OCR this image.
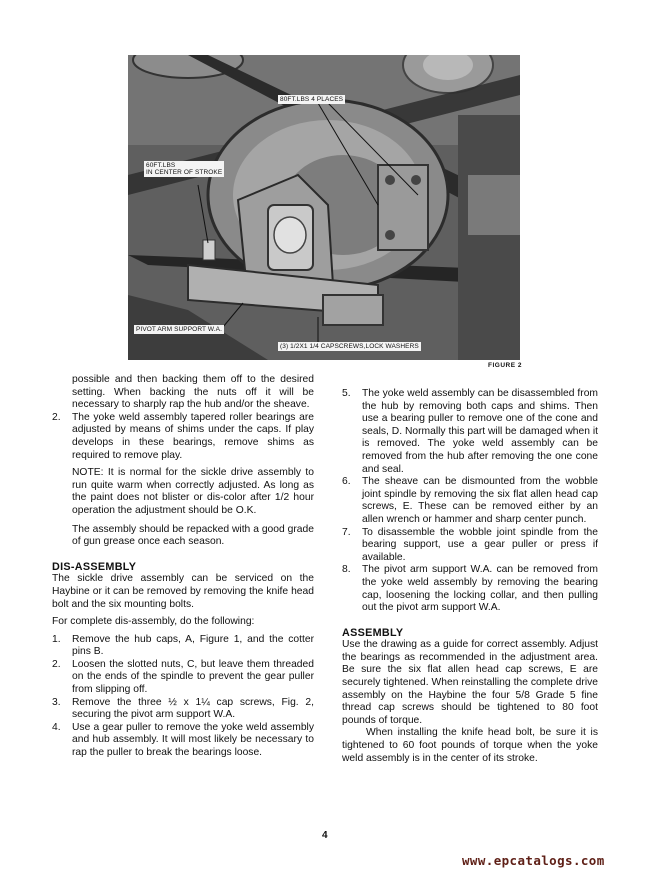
80FT.LBS 4 PLACES
60FT.LBS
IN CENTER OF STROKE
PIVOT ARM SUPPORT W.A.
(3) 1/2X1 1/4 CAPSCREWS,LOCK WASHERS
FIGURE 2

possible and then backing them off to the desired setting. When backing the nuts off it will be necessary to sharply rap the hub and/or the sheave.

2.	The yoke weld assembly tapered roller bearings are adjusted by means of shims under the caps. If play develops in these bearings, remove shims as required to remove play.

NOTE: It is normal for the sickle drive assembly to run quite warm when correctly adjusted. As long as the paint does not blister or dis-color after 1/2 hour operation the adjustment should be O.K.

The assembly should be repacked with a good grade of gun grease once each season.

DIS-ASSEMBLY

The sickle drive assembly can be serviced on the Haybine or it can be removed by removing the knife head bolt and the six mounting bolts.

For complete dis-assembly, do the following:

1.	Remove the hub caps, A, Figure 1, and the cotter pins B.
2.	Loosen the slotted nuts, C, but leave them threaded on the ends of the spindle to prevent the gear puller from slipping off.
3.	Remove the three ½ x 1¼ cap screws, Fig. 2, securing the pivot arm support W.A.
4.	Use a gear puller to remove the yoke weld assembly and hub assembly. It will most likely be necessary to rap the puller to break the bearings loose.
5.	The yoke weld assembly can be disassembled from the hub by removing both caps and shims. Then use a bearing puller to remove one of the cone and seals, D. Normally this part will be damaged when it is removed. The yoke weld assembly can be removed from the hub after removing the one cone and seal.
6.	The sheave can be dismounted from the wobble joint spindle by removing the six flat allen head cap screws, E. These can be removed either by an allen wrench or hammer and sharp center punch.
7.	To disassemble the wobble joint spindle from the bearing support, use a gear puller or press if available.
8.	The pivot arm support W.A. can be removed from the yoke weld assembly by removing the bearing cap, loosening the locking collar, and then pulling out the pivot arm support W.A.

ASSEMBLY

Use the drawing as a guide for correct assembly. Adjust the bearings as recommended in the adjustment area. Be sure the six flat allen head cap screws, E are securely tightened. When reinstalling the complete drive assembly on the Haybine the four 5/8 Grade 5 fine thread cap screws should be tightened to 80 foot pounds of torque.

When installing the knife head bolt, be sure it is tightened to 60 foot pounds of torque when the yoke weld assembly is in the center of its stroke.

4
www.epcatalogs.com
